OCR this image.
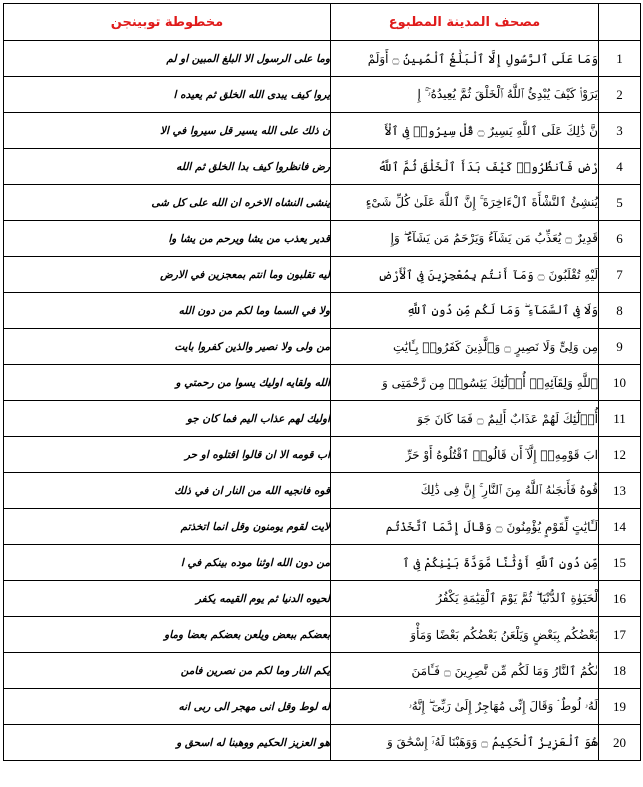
مخطوطة توبينجن	مصحف المدينة المطبوع	
وما على الرسول الا البلغ المبين او لم	وَمَا عَلَى ٱلرَّسُولِ إِلَّا ٱلْبَلَٰغُ ٱلْمُبِينُ ۝ أَوَلَمْ	1
يروا كيف يبدى الله الخلق ثم يعيده ا	يَرَوْا۟ كَيْفَ يُبْدِئُ ٱللَّهُ ٱلْخَلْقَ ثُمَّ يُعِيدُهُۥٓ ۚ إِ	2
ن ذلك على الله يسير قل سيروا في الا	نَّ ذَٰلِكَ عَلَى ٱللَّهِ يَسِيرٌ ۝ قُلْ سِيرُوا۟ فِى ٱلْأَ	3
رض فانظروا كيف بدا الخلق ثم الله	رْضِ فَٱنظُرُوا۟ كَيْفَ بَدَأَ ٱلْخَلْقَ ثُمَّ ٱللَّهُ	4
ينشى النشاه الاخره ان الله على كل شى	يُنشِئُ ٱلنَّشْأَةَ ٱلْءَاخِرَةَ ۚ إِنَّ ٱللَّهَ عَلَىٰ كُلِّ شَىْءٍ	5
قدير يعذب من يشا ويرحم من يشا وا	قَدِيرٌ ۝ يُعَذِّبُ مَن يَشَآءُ وَيَرْحَمُ مَن يَشَآءُ ۖ وَإِ	6
ليه تقلبون وما انتم بمعجزين في الارض	لَيْهِ تُقْلَبُونَ ۝ وَمَآ أَنتُم بِمُعْجِزِينَ فِى ٱلْأَرْضِ	7
ولا في السما وما لكم من دون الله	وَلَا فِى ٱلسَّمَآءِ ۖ وَمَا لَكُم مِّن دُونِ ٱللَّهِ	8
من ولى ولا نصير والذين كفروا بايت	مِن وَلِىٍّ وَلَا نَصِيرٍ ۝ وَٱلَّذِينَ كَفَرُوا۟ بِـَٔايَٰتِ	9
الله ولقايه اوليك يسوا من رحمتي و	ٱللَّهِ وَلِقَآئِهِۦٓ أُو۟لَٰٓئِكَ يَئِسُوا۟ مِن رَّحْمَتِى وَ	10
اوليك لهم عذاب اليم فما كان جو	أُو۟لَٰٓئِكَ لَهُمْ عَذَابٌ أَلِيمٌ ۝ فَمَا كَانَ جَوَ	11
اب قومه الا ان قالوا اقتلوه او حر	ابَ قَوْمِهِۦٓ إِلَّآ أَن قَالُوا۟ ٱقْتُلُوهُ أَوْ حَرِّ	12
قوه فانجيه الله من النار ان في ذلك	قُوهُ فَأَنجَىٰهُ ٱللَّهُ مِنَ ٱلنَّارِ ۚ إِنَّ فِى ذَٰلِكَ	13
لايت لقوم يومنون وقل انما اتخذتم	لَـَٔايَٰتٍ لِّقَوْمٍ يُؤْمِنُونَ ۝ وَقَالَ إِنَّمَا ٱتَّخَذْتُم	14
من دون الله اوثنا موده بينكم في ا	مِّن دُونِ ٱللَّهِ أَوْثَٰنًا مَّوَدَّةَ بَيْنِكُمْ فِى ٱ	15
لحيوه الدنيا ثم يوم القيمه يكفر	لْحَيَوٰةِ ٱلدُّنْيَا ۖ ثُمَّ يَوْمَ ٱلْقِيَٰمَةِ يَكْفُرُ	16
بعضكم ببعض ويلعن بعضكم بعضا وماو	بَعْضُكُم بِبَعْضٍ وَيَلْعَنُ بَعْضُكُم بَعْضًا وَمَأْوَ	17
يكم النار وما لكم من نصرين فامن	ىٰكُمُ ٱلنَّارُ وَمَا لَكُم مِّن نَّٰصِرِينَ ۝ فَـَٔامَنَ	18
له لوط وقل انى مهجر الى ربى انه	لَهُۥ لُوطٌ ۘ وَقَالَ إِنِّى مُهَاجِرٌ إِلَىٰ رَبِّىٓ ۖ إِنَّهُۥ	19
هو العزيز الحكيم ووهبنا له اسحق و	هُوَ ٱلْعَزِيزُ ٱلْحَكِيمُ ۝ وَوَهَبْنَا لَهُۥٓ إِسْحَٰقَ وَ	20
